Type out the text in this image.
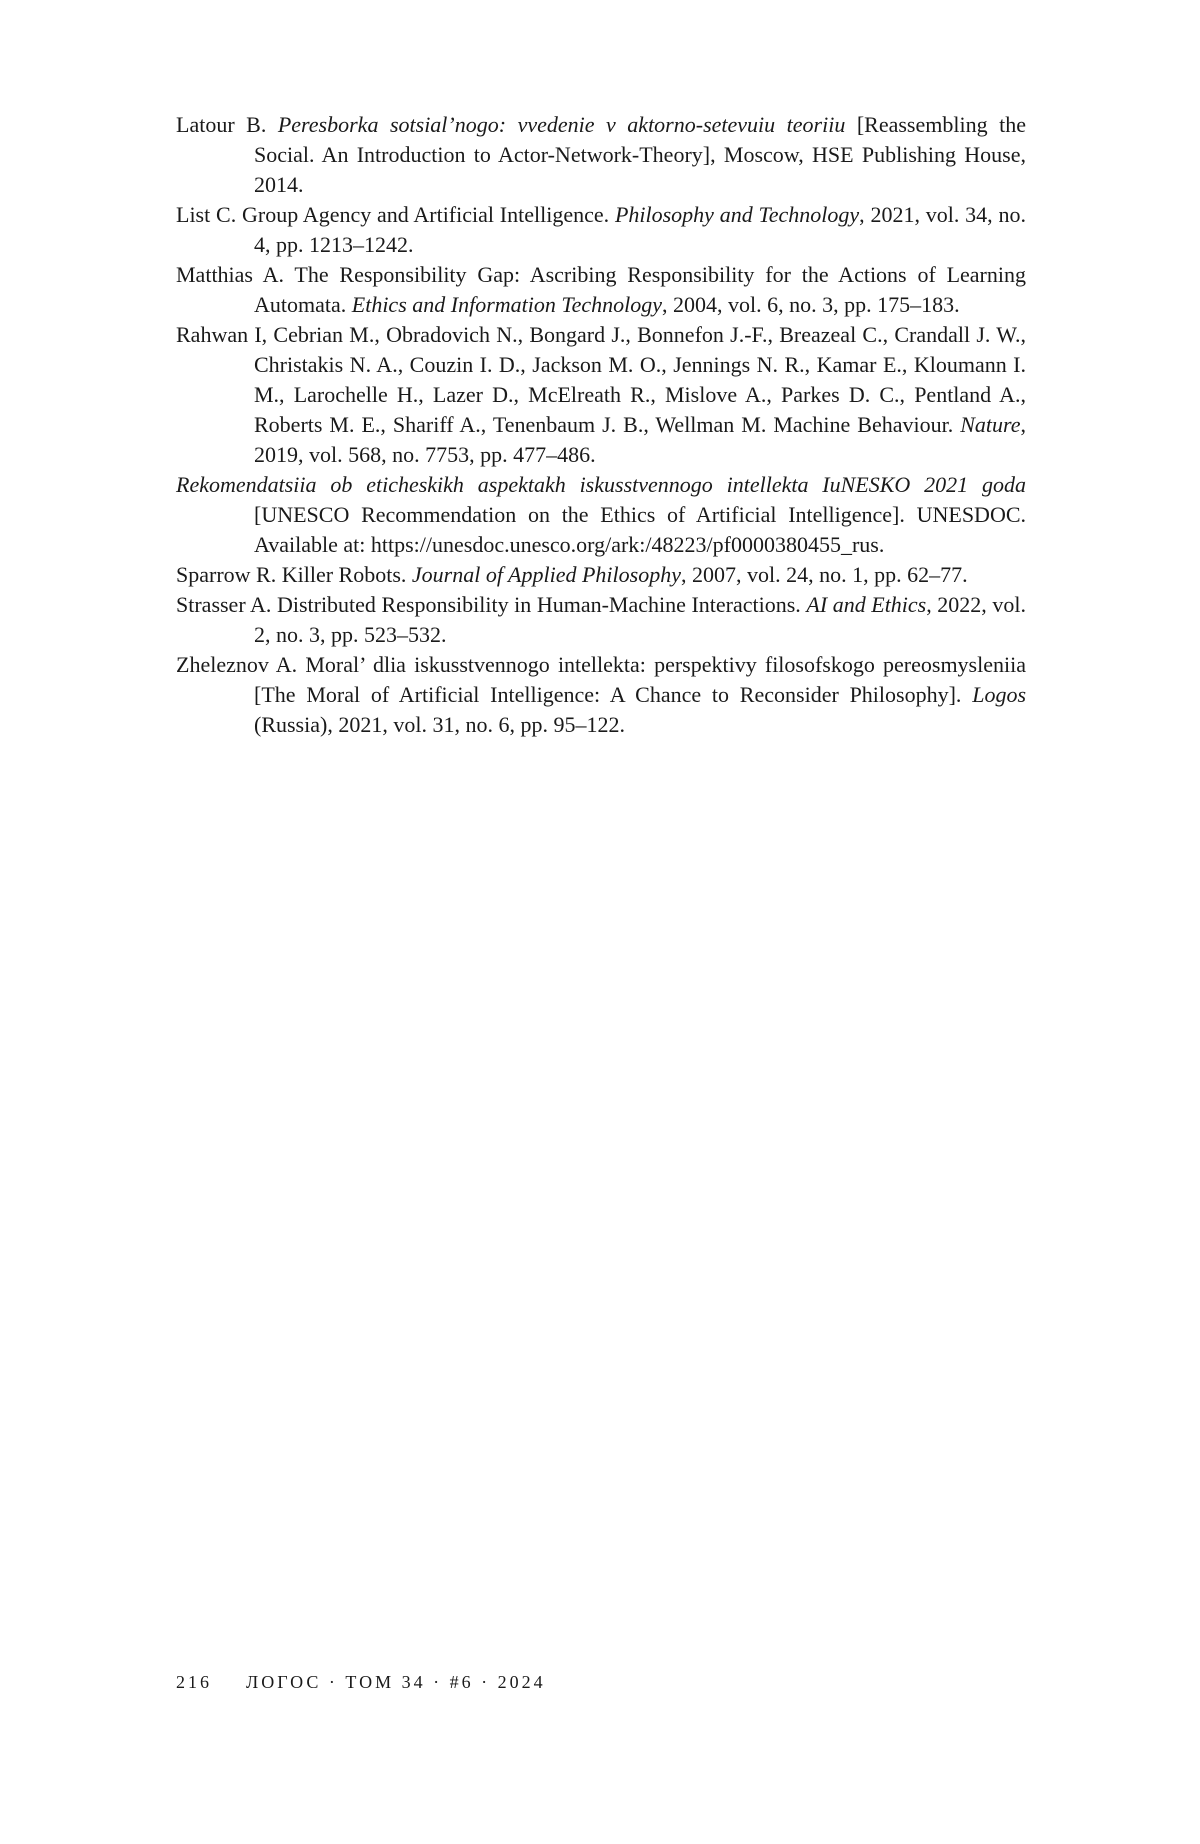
Latour B. Peresborka sotsial’nogo: vvedenie v aktorno-setevuiu teoriiu [Reassembling the Social. An Introduction to Actor-Network-Theory], Moscow, HSE Publishing House, 2014.

List C. Group Agency and Artificial Intelligence. Philosophy and Technology, 2021, vol. 34, no. 4, pp. 1213–1242.

Matthias A. The Responsibility Gap: Ascribing Responsibility for the Actions of Learning Automata. Ethics and Information Technology, 2004, vol. 6, no. 3, pp. 175–183.

Rahwan I, Cebrian M., Obradovich N., Bongard J., Bonnefon J.-F., Breazeal C., Crandall J. W., Christakis N. A., Couzin I. D., Jackson M. O., Jennings N. R., Kamar E., Kloumann I. M., Larochelle H., Lazer D., McElreath R., Mislove A., Parkes D. C., Pentland A., Roberts M. E., Shariff A., Tenenbaum J. B., Wellman M. Machine Behaviour. Nature, 2019, vol. 568, no. 7753, pp. 477–486.

Rekomendatsiia ob eticheskikh aspektakh iskusstvennogo intellekta IuNESKO 2021 goda [UNESCO Recommendation on the Ethics of Artificial Intelligence]. UNESDOC. Available at: https://unesdoc.unesco.org/ark:/48223/pf0000380455_rus.

Sparrow R. Killer Robots. Journal of Applied Philosophy, 2007, vol. 24, no. 1, pp. 62–77.

Strasser A. Distributed Responsibility in Human-Machine Interactions. AI and Ethics, 2022, vol. 2, no. 3, pp. 523–532.

Zheleznov A. Moral’ dlia iskusstvennogo intellekta: perspektivy filosofskogo pereosmysleniia [The Moral of Artificial Intelligence: A Chance to Reconsider Philosophy]. Logos (Russia), 2021, vol. 31, no. 6, pp. 95–122.

216 ЛОГОС · ТОМ 34 · #6 · 2024
